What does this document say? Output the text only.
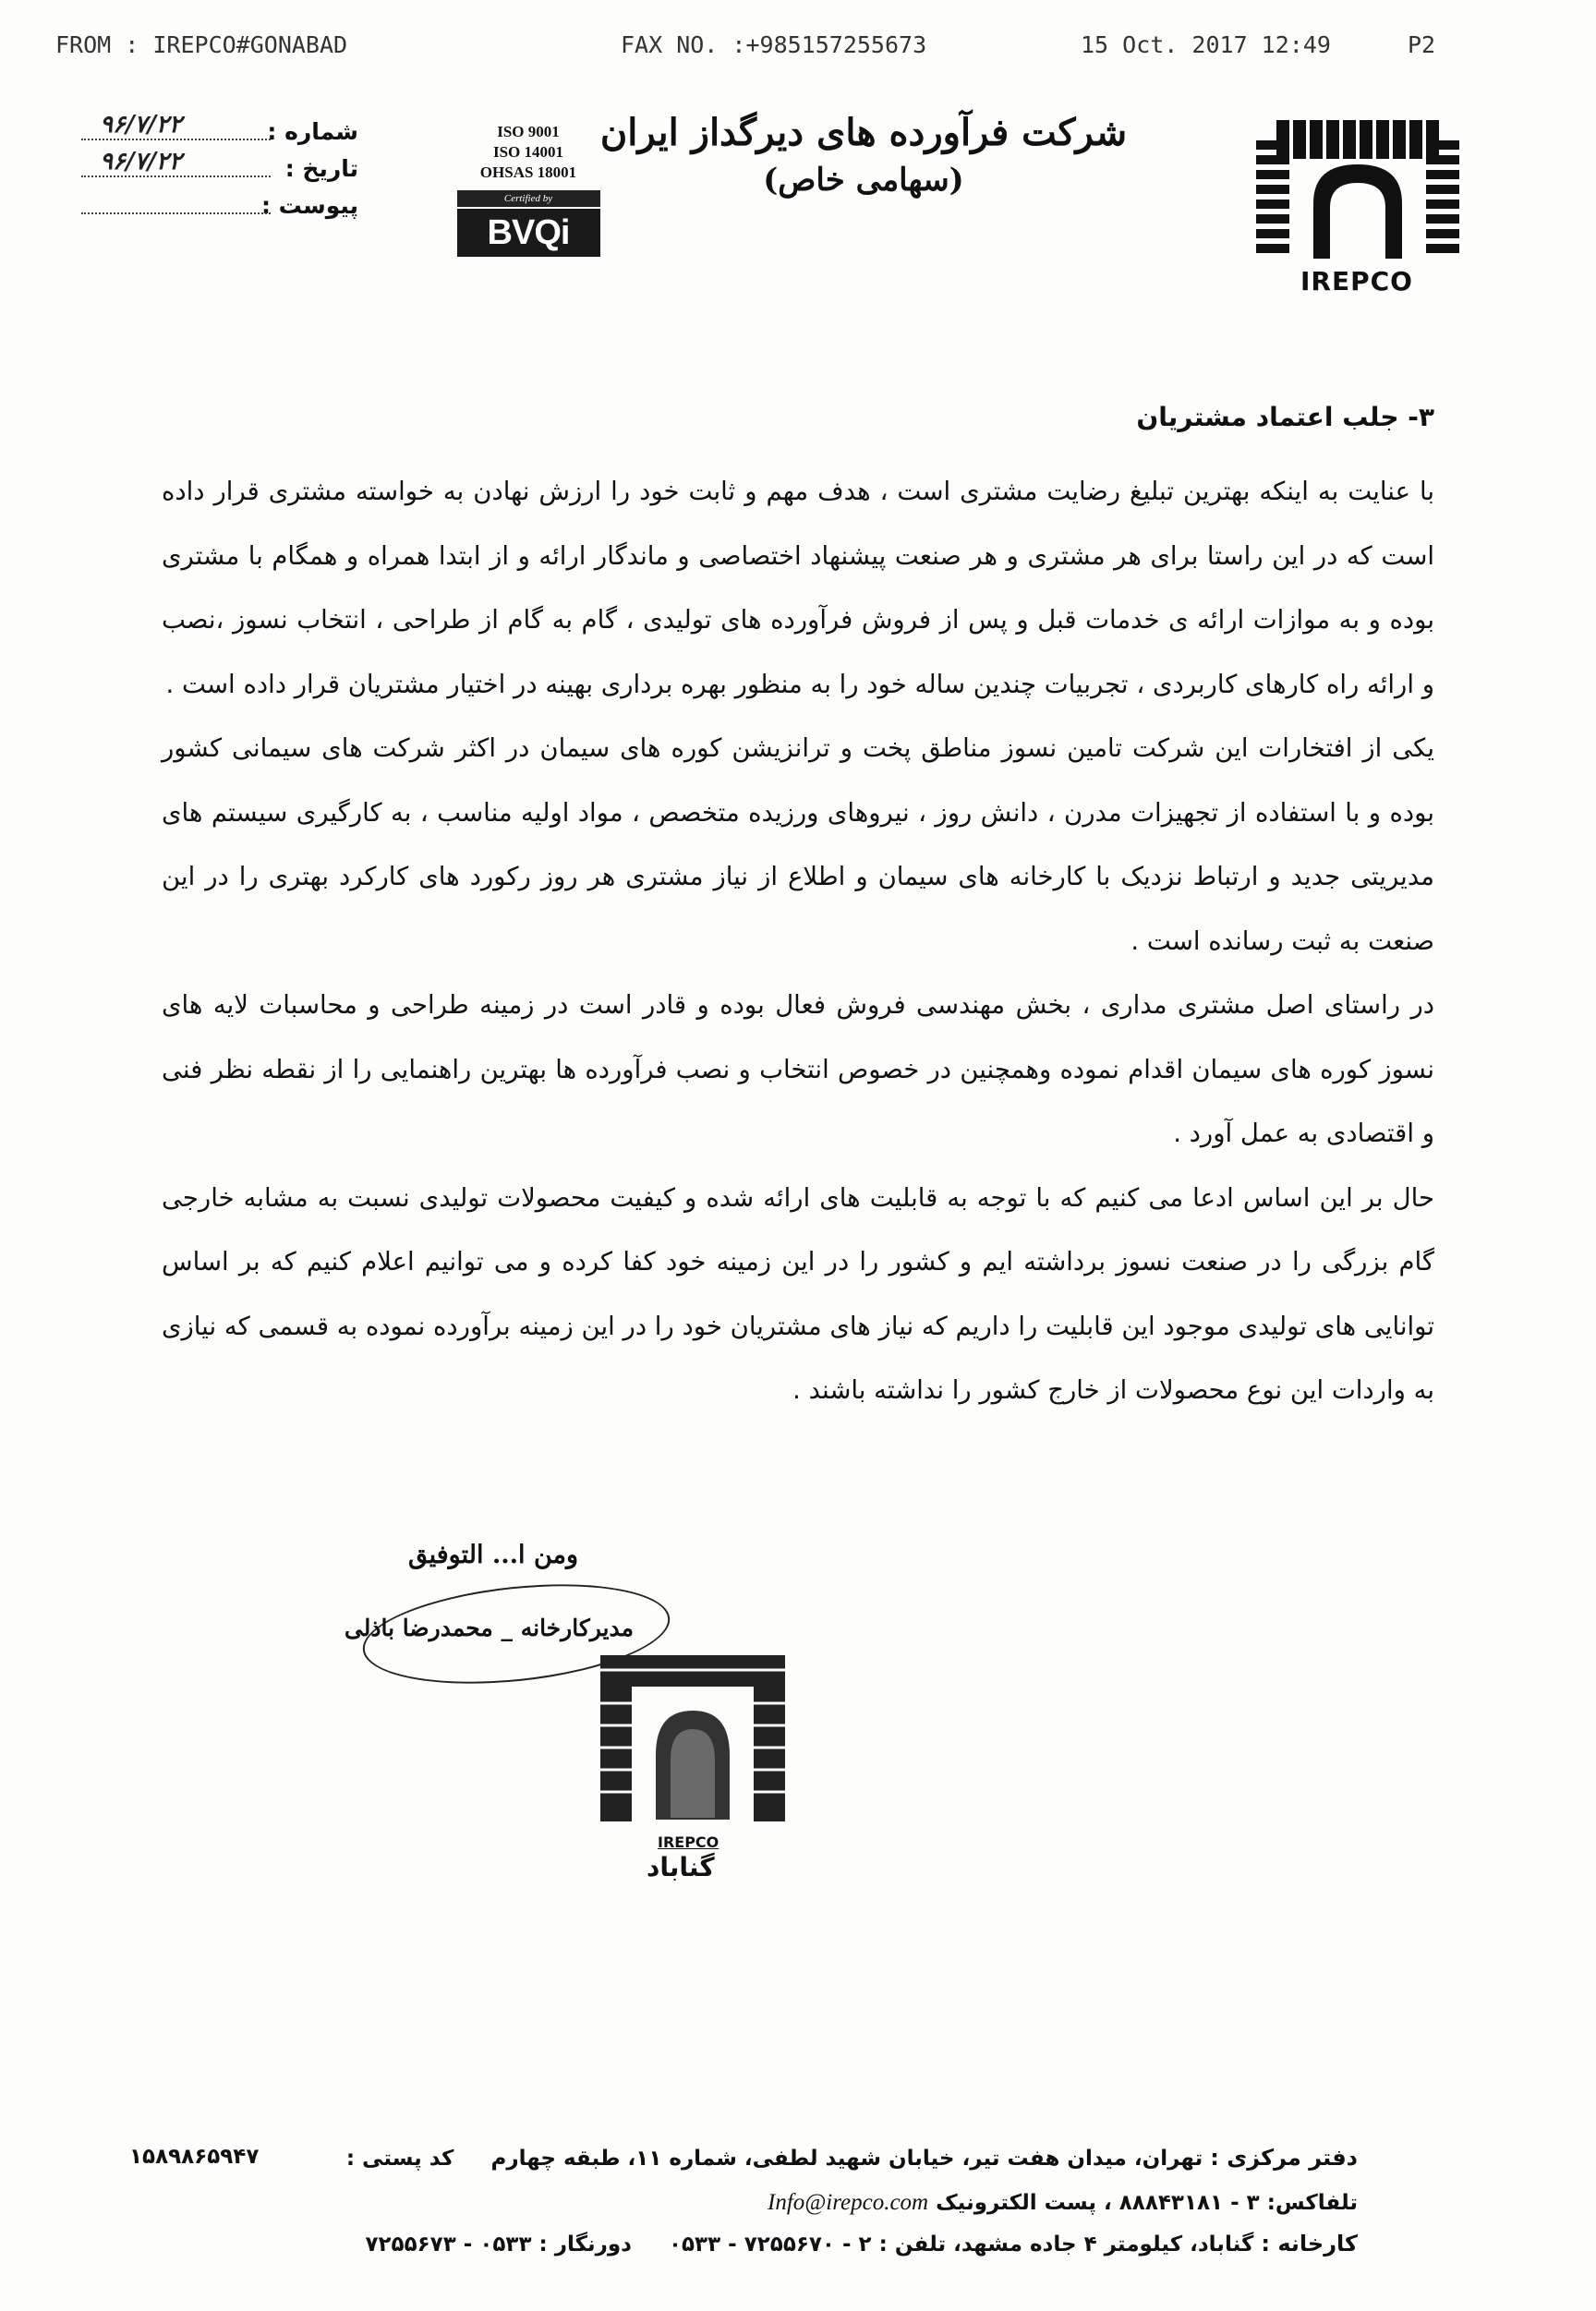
FROM : IREPCO#GONABAD	FAX NO. :+985157255673	15 Oct. 2017 12:49	P2
شماره :
۹۶/۷/۲۲
تاریخ :
۹۶/۷/۲۲
پیوست :
ISO 9001
ISO 14001
OHSAS 18001
Certified by
BVQi
شرکت فرآورده های دیرگداز ایران
(سهامی خاص)
IREPCO
۳- جلب اعتماد مشتریان

با عنایت به اینکه بهترین تبلیغ رضایت مشتری است ، هدف مهم و ثابت خود را ارزش نهادن به خواسته مشتری قرار داده است که در این راستا برای هر مشتری و هر صنعت پیشنهاد اختصاصی و ماندگار ارائه و از ابتدا همراه و همگام با مشتری بوده و به موازات ارائه ی خدمات قبل و پس از فروش فرآورده های تولیدی ، گام به گام از طراحی ، انتخاب نسوز ،نصب و ارائه راه کارهای کاربردی ، تجربیات چندین ساله خود را به منظور بهره برداری بهینه در اختیار مشتریان قرار داده است .

یکی از افتخارات این شرکت تامین نسوز مناطق پخت و ترانزیشن کوره های سیمان در اکثر شرکت های سیمانی کشور بوده و با استفاده از تجهیزات مدرن ، دانش روز ، نیروهای ورزیده متخصص ، مواد اولیه مناسب ، به کارگیری سیستم های مدیریتی جدید و ارتباط نزدیک با کارخانه های سیمان و اطلاع از نیاز مشتری هر روز رکورد های کارکرد بهتری را در این صنعت به ثبت رسانده است .

در راستای اصل مشتری مداری ، بخش مهندسی فروش فعال بوده و قادر است در زمینه طراحی و محاسبات لایه های نسوز کوره های سیمان اقدام نموده وهمچنین در خصوص انتخاب و نصب فرآورده ها بهترین راهنمایی را از نقطه نظر فنی و اقتصادی به عمل آورد .

حال بر این اساس ادعا می کنیم که با توجه به قابلیت های ارائه شده و کیفیت محصولات تولیدی نسبت به مشابه خارجی گام بزرگی را در صنعت نسوز برداشته ایم و کشور را در این زمینه خود کفا کرده و می توانیم اعلام کنیم که بر اساس توانایی های تولیدی موجود این قابلیت را داریم که نیاز های مشتریان خود را در این زمینه برآورده نموده به قسمی که نیازی به واردات این نوع محصولات از خارج کشور را نداشته باشند .

ومن ا... التوفیق
مدیرکارخانه _ محمدرضا باذلی
IREPCO
گناباد
دفتر مرکزی : تهران، میدان هفت تیر، خیابان شهید لطفی، شماره ۱۱، طبقه چهارم     کد پستی :
۱۵۸۹۸۶۵۹۴۷
تلفاکس: ۳ - ۸۸۸۴۳۱۸۱ ، پست الکترونیک Info@irepco.com
کارخانه : گناباد، کیلومتر ۴ جاده مشهد، تلفن : ۲ - ۷۲۵۵۶۷۰ - ۰۵۳۳     دورنگار : ۰۵۳۳ - ۷۲۵۵۶۷۳
